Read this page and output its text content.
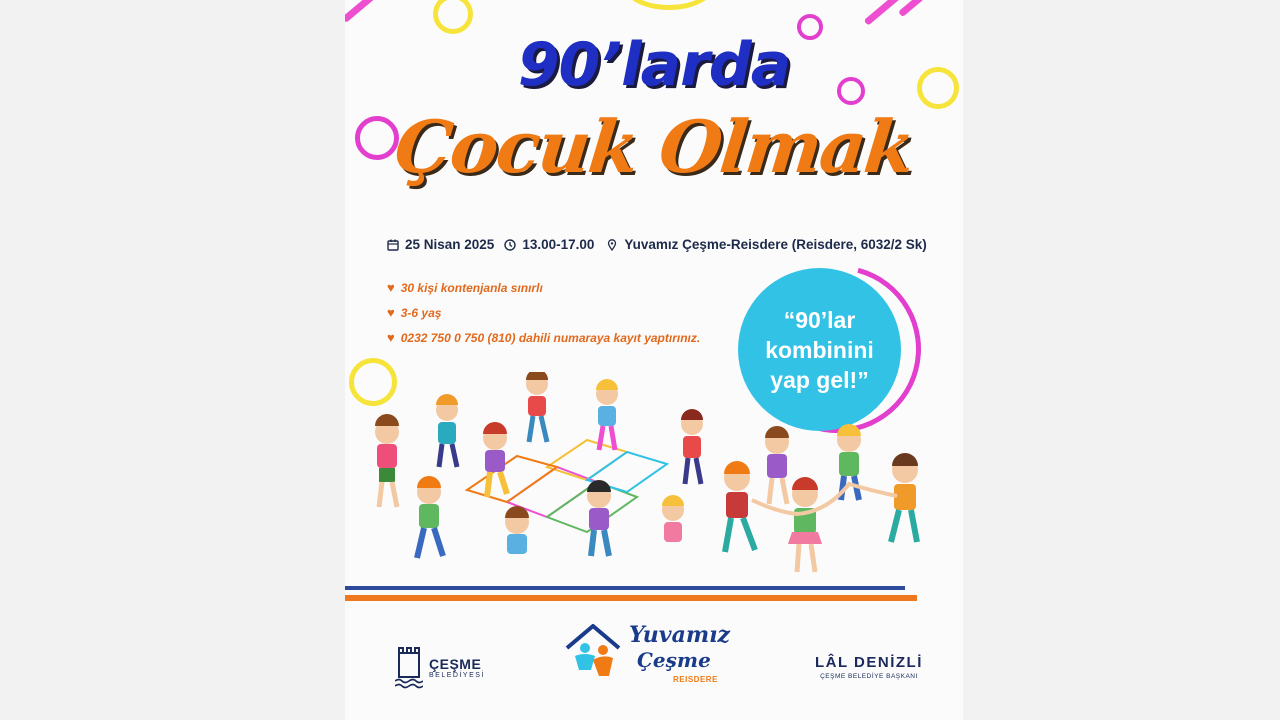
90’larda
Çocuk Olmak
25 Nisan 2025 13.00-17.00 Yuvamız Çeşme-Reisdere (Reisdere, 6032/2 Sk)
♥ 30 kişi kontenjanla sınırlı
♥ 3-6 yaş
♥ 0232 750 0 750 (810) dahili numaraya kayıt yaptırınız.
“90’lar
kombinini
yap gel!”
ÇEŞME
BELEDİYESİ
Yuvamız
Çeşme
REISDERE
LÂL DENİZLİ
ÇEŞME BELEDİYE BAŞKANI
